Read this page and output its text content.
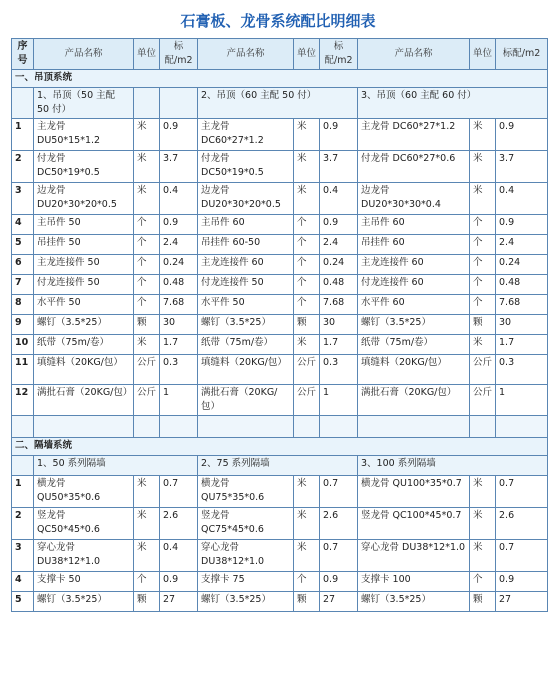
石膏板、龙骨系统配比明细表
序号	产品名称	单位	标配/m2	产品名称	单位	标配/m2	产品名称	单位	标配/m2
一、吊顶系统									
	1、吊顶（50 主配 50 付）			2、吊顶（60 主配 50 付）			3、吊顶（60 主配 60 付）		
1	主龙骨 DU50*15*1.2	米	0.9	主龙骨 DC60*27*1.2	米	0.9	主龙骨 DC60*27*1.2	米	0.9
2	付龙骨 DC50*19*0.5	米	3.7	付龙骨 DC50*19*0.5	米	3.7	付龙骨 DC60*27*0.6	米	3.7
3	边龙骨 DU20*30*20*0.5	米	0.4	边龙骨 DU20*30*20*0.5	米	0.4	边龙骨 DU20*30*30*0.4	米	0.4
4	主吊件 50	个	0.9	主吊件 60	个	0.9	主吊件 60	个	0.9
5	吊挂件 50	个	2.4	吊挂件 60-50	个	2.4	吊挂件 60	个	2.4
6	主龙连接件 50	个	0.24	主龙连接件 60	个	0.24	主龙连接件 60	个	0.24
7	付龙连接件 50	个	0.48	付龙连接件 50	个	0.48	付龙连接件 60	个	0.48
8	水平件 50	个	7.68	水平件 50	个	7.68	水平件 60	个	7.68
9	螺钉（3.5*25）	颗	30	螺钉（3.5*25）	颗	30	螺钉（3.5*25）	颗	30
10	纸带（75m/卷）	米	1.7	纸带（75m/卷）	米	1.7	纸带（75m/卷）	米	1.7
11	填缝料（20KG/包）	公斤	0.3	填缝料（20KG/包）	公斤	0.3	填缝料（20KG/包）	公斤	0.3
12	满批石膏（20KG/包）	公斤	1	满批石膏（20KG/包）	公斤	1	满批石膏（20KG/包）	公斤	1

二、隔墙系统									
	1、50 系列隔墙			2、75 系列隔墙			3、100 系列隔墙		
1	横龙骨 QU50*35*0.6	米	0.7	横龙骨 QU75*35*0.6	米	0.7	横龙骨 QU100*35*0.7	米	0.7
2	竖龙骨 QC50*45*0.6	米	2.6	竖龙骨 QC75*45*0.6	米	2.6	竖龙骨 QC100*45*0.7	米	2.6
3	穿心龙骨 DU38*12*1.0	米	0.4	穿心龙骨 DU38*12*1.0	米	0.7	穿心龙骨 DU38*12*1.0	米	0.7
4	支撑卡 50	个	0.9	支撑卡 75	个	0.9	支撑卡 100	个	0.9
5	螺钉（3.5*25）	颗	27	螺钉（3.5*25）	颗	27	螺钉（3.5*25）	颗	27
